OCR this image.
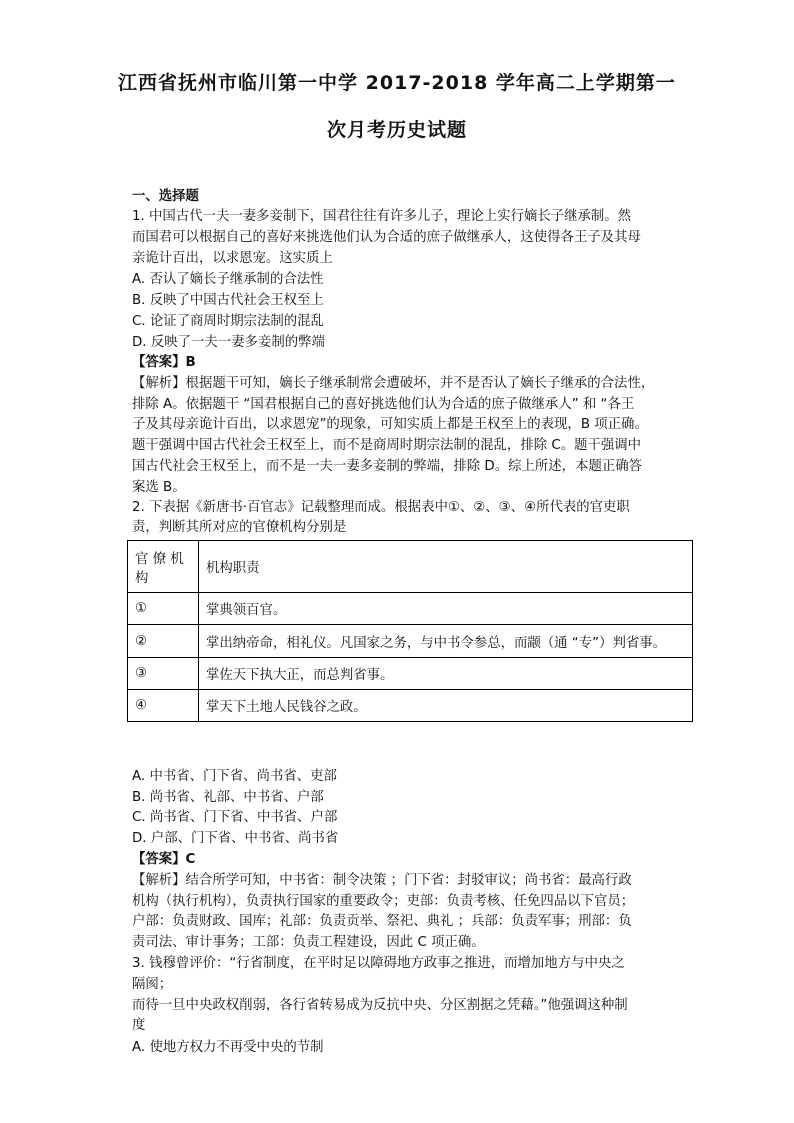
江西省抚州市临川第一中学 2017-2018 学年高二上学期第一
次月考历史试题
一、选择题
1. 中国古代一夫一妻多妾制下，国君往往有许多儿子，理论上实行嫡长子继承制。然
而国君可以根据自己的喜好来挑选他们认为合适的庶子做继承人，这使得各王子及其母
亲诡计百出，以求恩宠。这实质上
A. 否认了嫡长子继承制的合法性
B. 反映了中国古代社会王权至上
C. 论证了商周时期宗法制的混乱
D. 反映了一夫一妻多妾制的弊端
【答案】B
【解析】根据题干可知，嫡长子继承制常会遭破坏，并不是否认了嫡长子继承的合法性，
排除 A。依据题干 “国君根据自己的喜好挑选他们认为合适的庶子做继承人” 和 “各王
子及其母亲诡计百出，以求恩宠”的现象，可知实质上都是王权至上的表现，B 项正确。
题干强调中国古代社会王权至上，而不是商周时期宗法制的混乱，排除 C。题干强调中
国古代社会王权至上，而不是一夫一妻多妾制的弊端，排除 D。综上所述，本题正确答
案选 B。
2. 下表据《新唐书·百官志》记载整理而成。根据表中①、②、③、④所代表的官吏职
责，判断其所对应的官僚机构分别是
官 僚 机 构	机构职责
①	掌典领百官。
②	掌出纳帝命，相礼仪。凡国家之务，与中书令参总，而颛（通 “专”）判省事。
③	掌佐天下执大正，而总判省事。
④	掌天下土地人民钱谷之政。
A. 中书省、门下省、尚书省、吏部
B. 尚书省、礼部、中书省、户部
C. 尚书省、门下省、中书省、户部
D. 户部、门下省、中书省、尚书省
【答案】C
【解析】结合所学可知，中书省：制令决策 ；门下省：封驳审议；尚书省：最高行政
机构（执行机构），负责执行国家的重要政令；吏部：负责考核、任免四品以下官员；
户部：负责财政、国库；礼部：负责贡举、祭祀、典礼 ；兵部：负责军事；刑部：负
责司法、审计事务；工部：负责工程建设，因此 C 项正确。
3. 钱穆曾评价：“行省制度，在平时足以障碍地方政事之推进，而增加地方与中央之
隔阂；
而待一旦中央政权削弱，各行省转易成为反抗中央、分区割据之凭藉。”他强调这种制
度
A. 使地方权力不再受中央的节制
